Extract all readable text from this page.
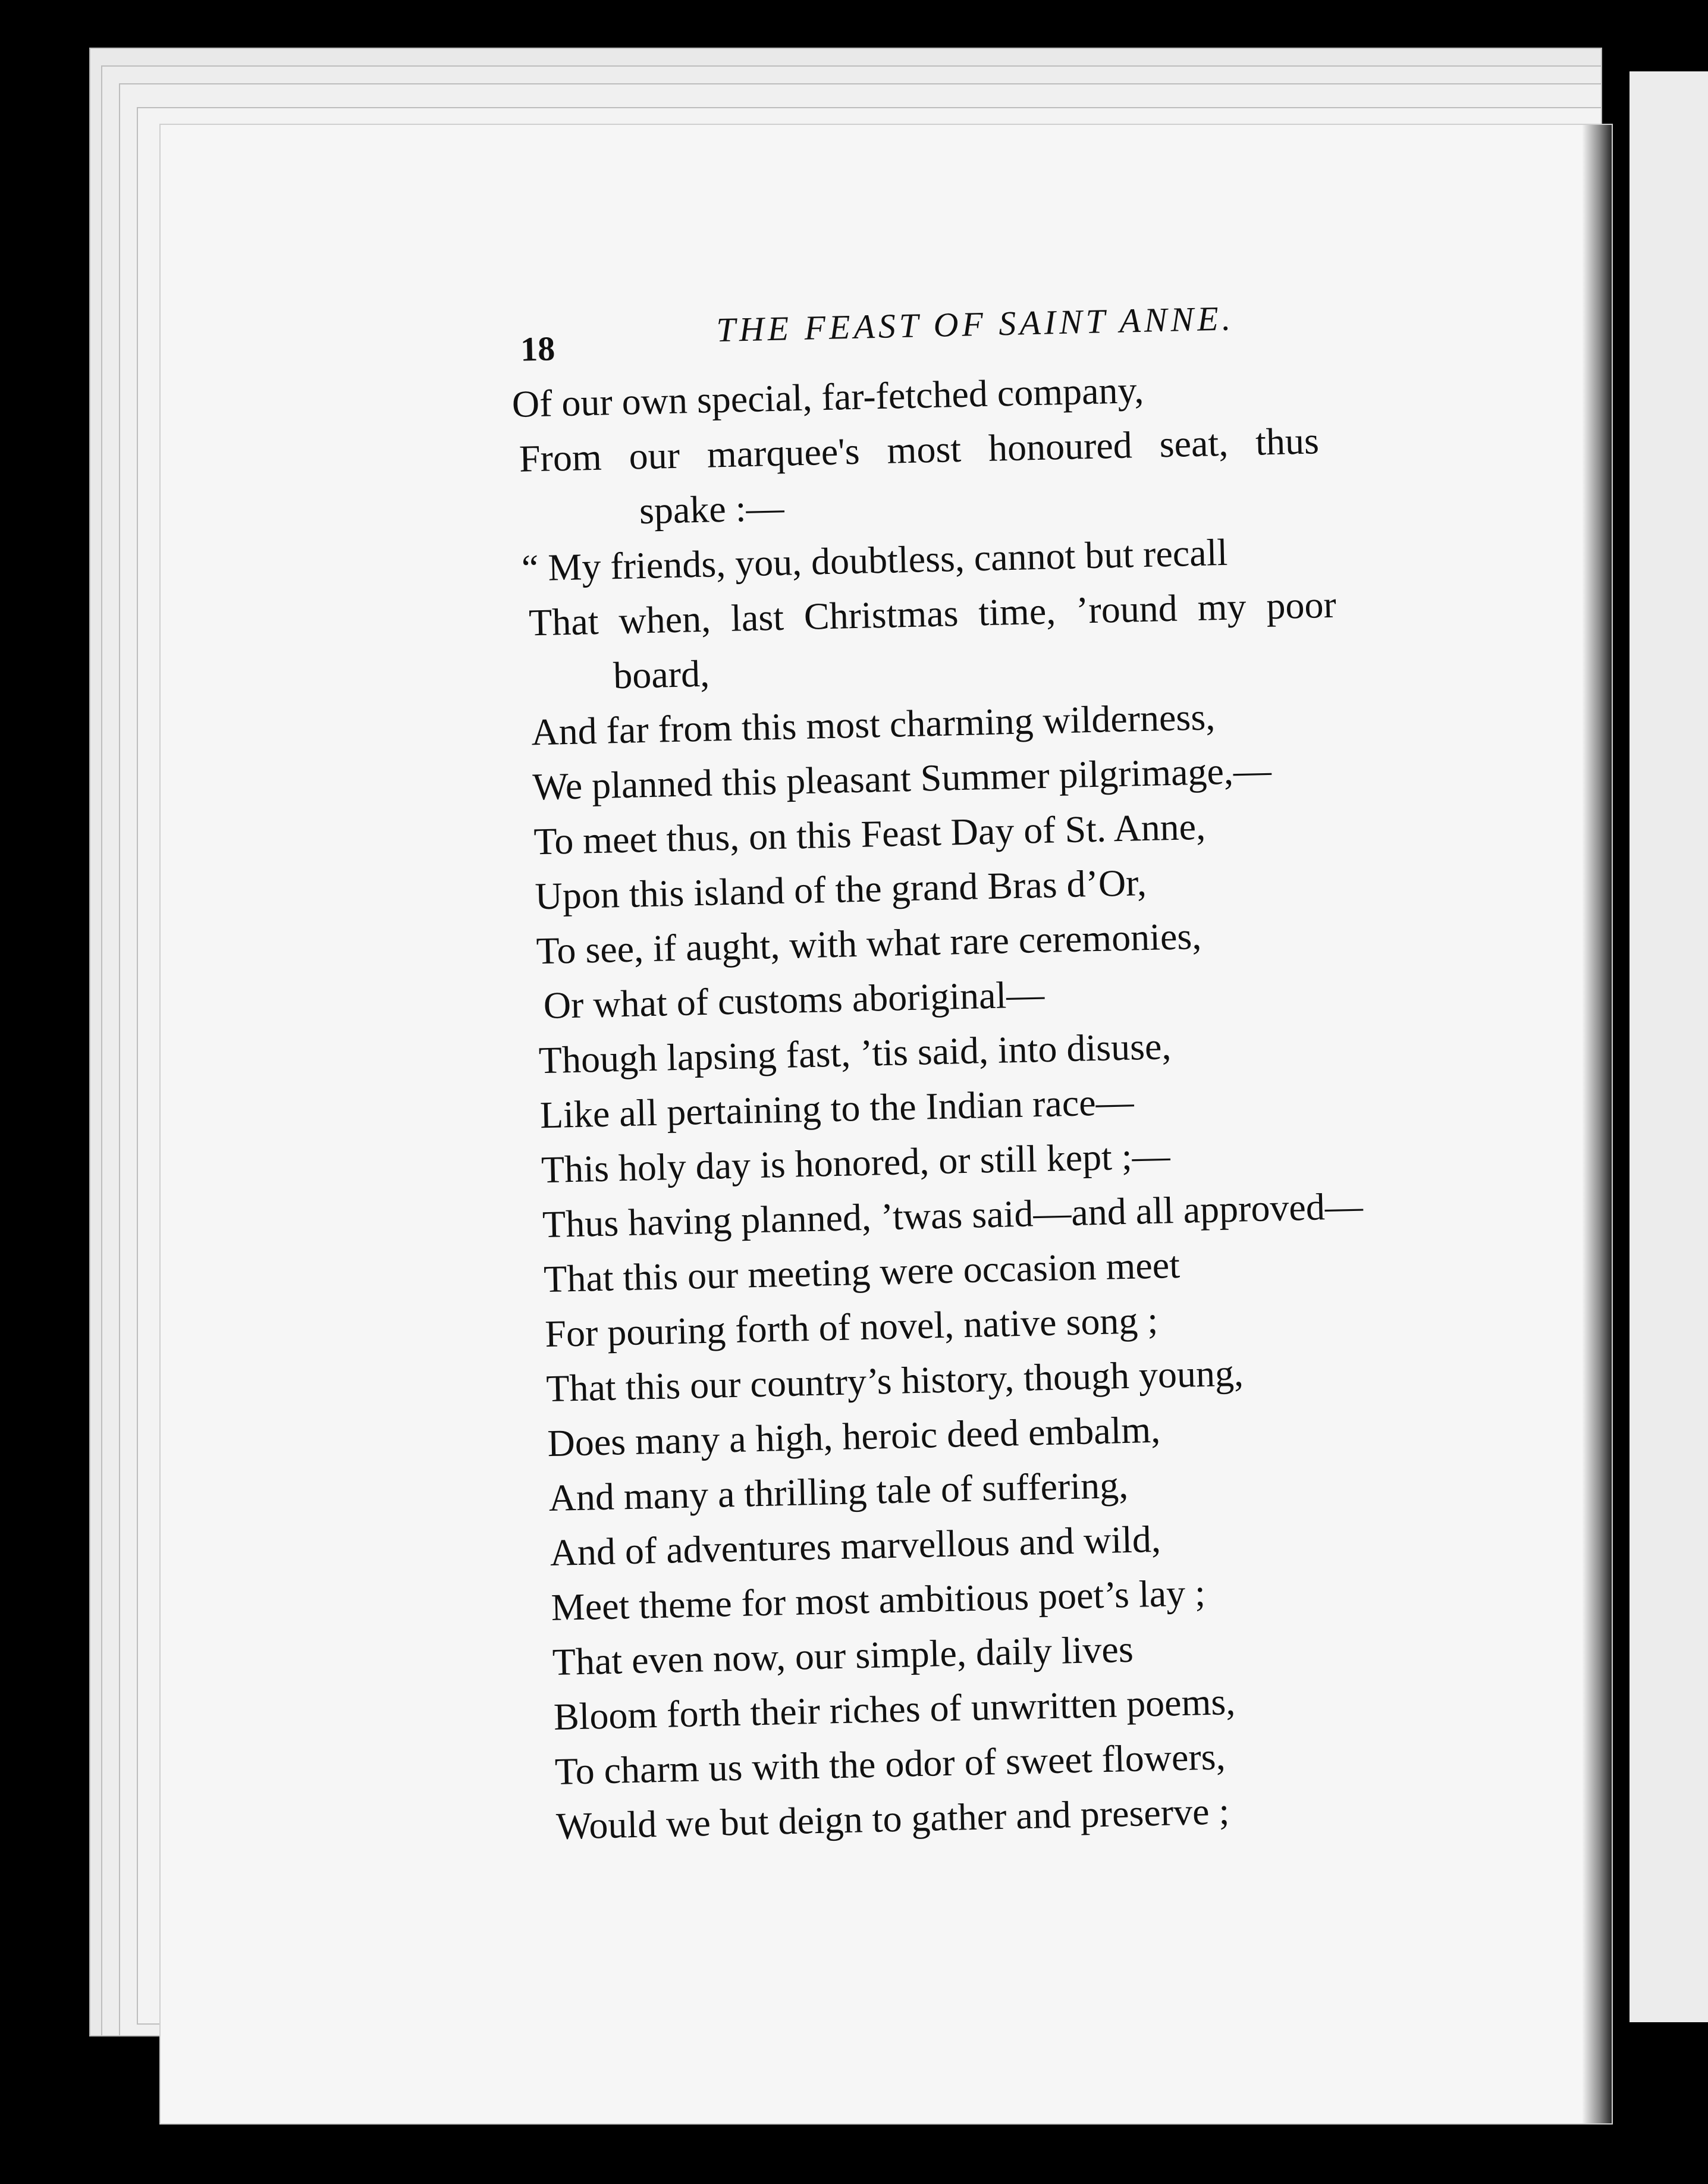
18	THE FEAST OF SAINT ANNE.
Of our own special, far-fetched company,
From our marquee's most honoured seat, thus
spake :—
“ My friends, you, doubtless, cannot but recall
That when, last Christmas time, ’round my poor
board,
And far from this most charming wilderness,
We planned this pleasant Summer pilgrimage,—
To meet thus, on this Feast Day of St. Anne,
Upon this island of the grand Bras d’Or,
To see, if aught, with what rare ceremonies,
Or what of customs aboriginal—
Though lapsing fast, ’tis said, into disuse,
Like all pertaining to the Indian race—
This holy day is honored, or still kept ;—
Thus having planned, ’twas said—and all approved—
That this our meeting were occasion meet
For pouring forth of novel, native song ;
That this our country’s history, though young,
Does many a high, heroic deed embalm,
And many a thrilling tale of suffering,
And of adventures marvellous and wild,
Meet theme for most ambitious poet’s lay ;
That even now, our simple, daily lives
Bloom forth their riches of unwritten poems,
To charm us with the odor of sweet flowers,
Would we but deign to gather and preserve ;
